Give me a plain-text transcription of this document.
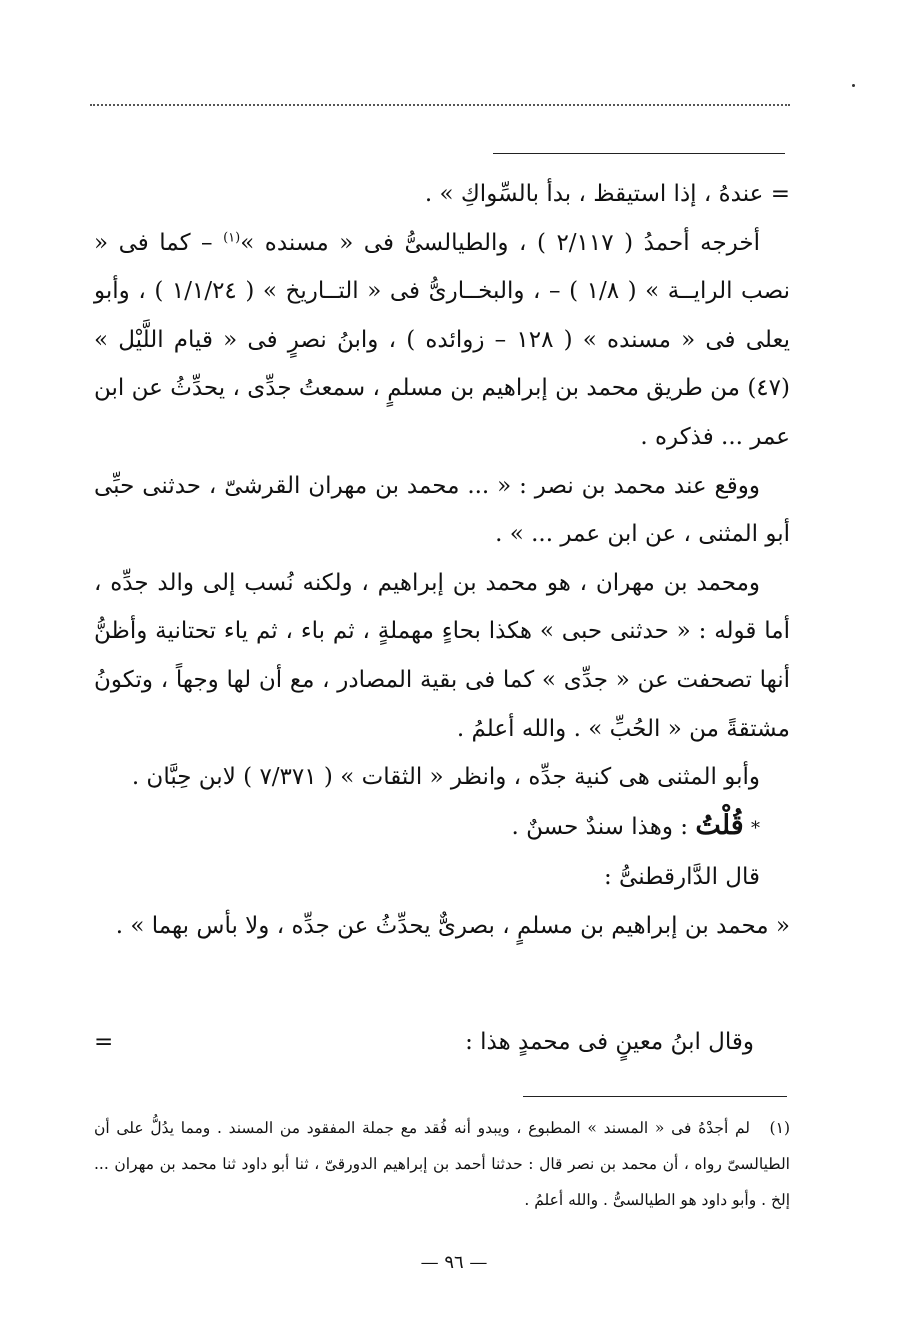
= عندهُ ، إذا استيقظ ، بدأ بالسِّواكِ » .

أخرجه أحمدُ ( ٢/١١٧ ) ، والطيالسىُّ فى « مسنده »$^{(١)}$ – كما فى « نصب الرايــة » ( ١/٨ ) – ، والبخــارىُّ فى « التــاريخ » ( ١/١/٢٤ ) ، وأبو يعلى فى « مسنده » ( ١٢٨ – زوائده ) ، وابنُ نصرٍ فى « قيام اللَّيْل » (٤٧) من طريق محمد بن إبراهيم بن مسلمٍ ، سمعتُ جدِّى ، يحدِّثُ عن ابن عمر ... فذكره .

ووقع عند محمد بن نصر : « ... محمد بن مهران القرشىّ ، حدثنى حبِّى أبو المثنى ، عن ابن عمر ... » .

ومحمد بن مهران ، هو محمد بن إبراهيم ، ولكنه نُسب إلى والد جدِّه ، أما قوله : « حدثنى حبى » هكذا بحاءٍ مهملةٍ ، ثم باء ، ثم ياء تحتانية وأظنُّ أنها تصحفت عن « جدِّى » كما فى بقية المصادر ، مع أن لها وجهاً ، وتكونُ مشتقةً من « الحُبِّ » . والله أعلمُ .

وأبو المثنى هى كنية جدِّه ، وانظر « الثقات » ( ٧/٣٧١ ) لابن حِبَّان .

* قُلْتُ : وهذا سندٌ حسنٌ .

قال الدَّارقطنىُّ :

« محمد بن إبراهيم بن مسلمٍ ، بصرىٌّ يحدِّثُ عن جدِّه ، ولا بأس بهما » .

وقال ابنُ معينٍ فى محمدٍ هذا :
=
(١)لم أجدْهُ فى « المسند » المطبوع ، ويبدو أنه فُقد مع جملة المفقود من المسند . ومما يدُلُّ على أن الطيالسىّ رواه ، أن محمد بن نصر قال : حدثنا أحمد بن إبراهيم الدورقىّ ، ثنا أبو داود ثنا محمد بن مهران ... إلخ . وأبو داود هو الطيالسىُّ . والله أعلمُ .
— ٩٦ —
